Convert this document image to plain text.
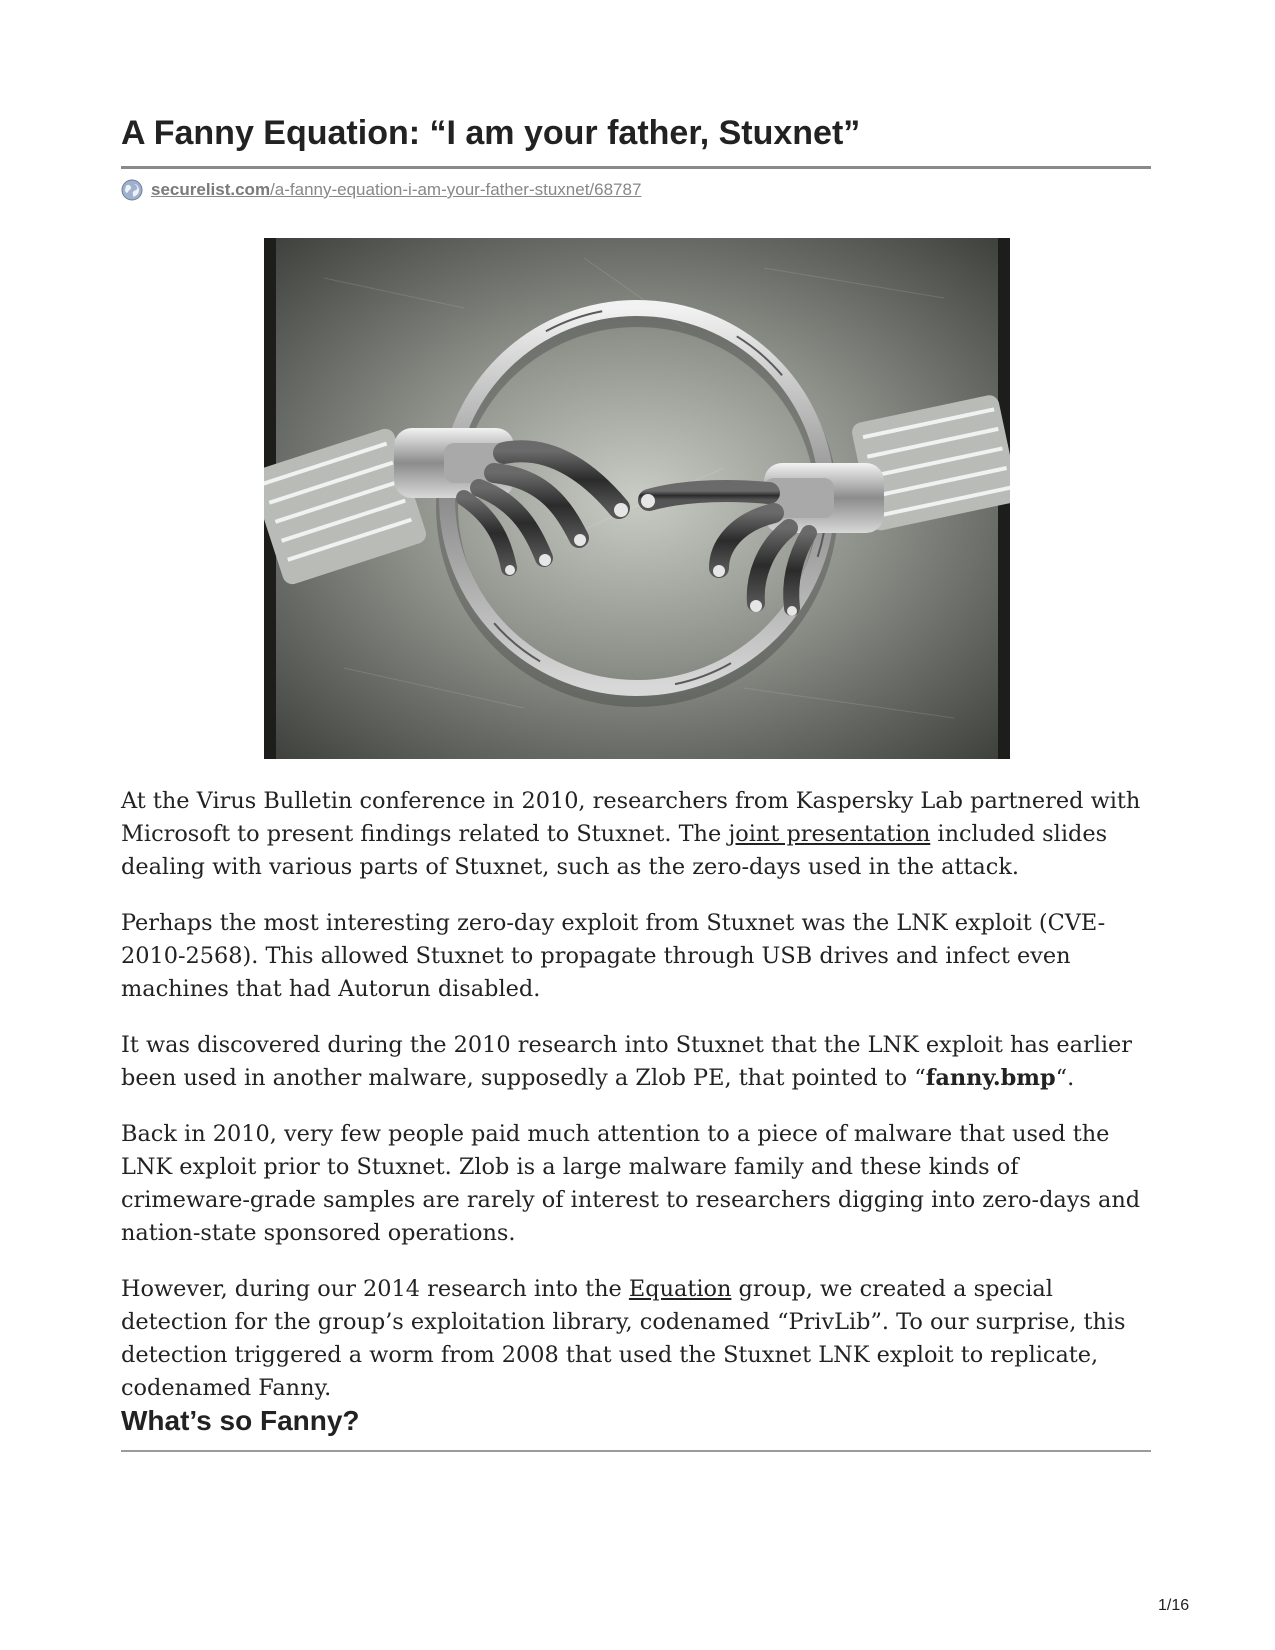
A Fanny Equation: “I am your father, Stuxnet”
securelist.com/a-fanny-equation-i-am-your-father-stuxnet/68787

At the Virus Bulletin conference in 2010, researchers from Kaspersky Lab partnered with Microsoft to present findings related to Stuxnet. The joint presentation included slides dealing with various parts of Stuxnet, such as the zero-days used in the attack.

Perhaps the most interesting zero-day exploit from Stuxnet was the LNK exploit (CVE-2010-2568). This allowed Stuxnet to propagate through USB drives and infect even machines that had Autorun disabled.

It was discovered during the 2010 research into Stuxnet that the LNK exploit has earlier been used in another malware, supposedly a Zlob PE, that pointed to “fanny.bmp“.

Back in 2010, very few people paid much attention to a piece of malware that used the LNK exploit prior to Stuxnet. Zlob is a large malware family and these kinds of crimeware-grade samples are rarely of interest to researchers digging into zero-days and nation-state sponsored operations.

However, during our 2014 research into the Equation group, we created a special detection for the group’s exploitation library, codenamed “PrivLib”. To our surprise, this detection triggered a worm from 2008 that used the Stuxnet LNK exploit to replicate, codenamed Fanny.

What’s so Fanny?
1/16
